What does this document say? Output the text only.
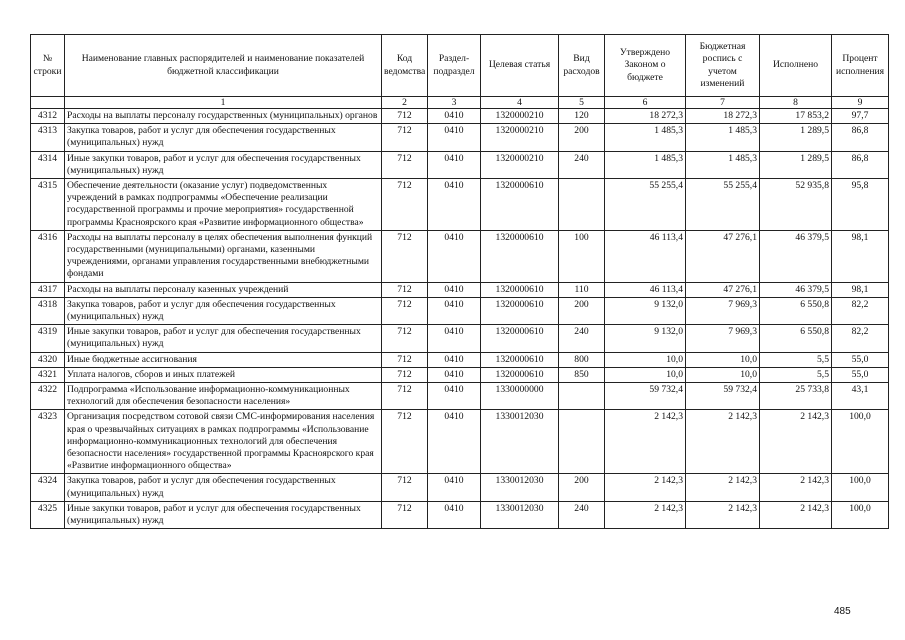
№ строки	Наименование главных распорядителей и наименование показателей бюджетной классификации	Код ведомства	Раздел-подраздел	Целевая статья	Вид расходов	Утверждено Законом о бюджете	Бюджетная роспись с учетом изменений	Исполнено	Процент исполнения
	1	2	3	4	5	6	7	8	9
4312	Расходы на выплаты персоналу государственных (муниципальных) органов	712	0410	1320000210	120	18 272,3	18 272,3	17 853,2	97,7
4313	Закупка товаров, работ и услуг для обеспечения государственных (муниципальных) нужд	712	0410	1320000210	200	1 485,3	1 485,3	1 289,5	86,8
4314	Иные закупки товаров, работ и услуг для обеспечения государственных (муниципальных) нужд	712	0410	1320000210	240	1 485,3	1 485,3	1 289,5	86,8
4315	Обеспечение деятельности (оказание услуг) подведомственных учреждений в рамках подпрограммы «Обеспечение реализации государственной программы и прочие мероприятия» государственной программы Красноярского края «Развитие информационного общества»	712	0410	1320000610		55 255,4	55 255,4	52 935,8	95,8
4316	Расходы на выплаты персоналу в целях обеспечения выполнения функций государственными (муниципальными) органами, казенными учреждениями, органами управления государственными внебюджетными фондами	712	0410	1320000610	100	46 113,4	47 276,1	46 379,5	98,1
4317	Расходы на выплаты персоналу казенных учреждений	712	0410	1320000610	110	46 113,4	47 276,1	46 379,5	98,1
4318	Закупка товаров, работ и услуг для обеспечения государственных (муниципальных) нужд	712	0410	1320000610	200	9 132,0	7 969,3	6 550,8	82,2
4319	Иные закупки товаров, работ и услуг для обеспечения государственных (муниципальных) нужд	712	0410	1320000610	240	9 132,0	7 969,3	6 550,8	82,2
4320	Иные бюджетные ассигнования	712	0410	1320000610	800	10,0	10,0	5,5	55,0
4321	Уплата налогов, сборов и иных платежей	712	0410	1320000610	850	10,0	10,0	5,5	55,0
4322	Подпрограмма «Использование информационно-коммуникационных технологий для обеспечения безопасности населения»	712	0410	1330000000		59 732,4	59 732,4	25 733,8	43,1
4323	Организация посредством сотовой связи СМС-информирования населения края о чрезвычайных ситуациях в рамках подпрограммы «Использование информационно-коммуникационных технологий для обеспечения безопасности населения» государственной программы Красноярского края «Развитие информационного общества»	712	0410	1330012030		2 142,3	2 142,3	2 142,3	100,0
4324	Закупка товаров, работ и услуг для обеспечения государственных (муниципальных) нужд	712	0410	1330012030	200	2 142,3	2 142,3	2 142,3	100,0
4325	Иные закупки товаров, работ и услуг для обеспечения государственных (муниципальных) нужд	712	0410	1330012030	240	2 142,3	2 142,3	2 142,3	100,0
485
